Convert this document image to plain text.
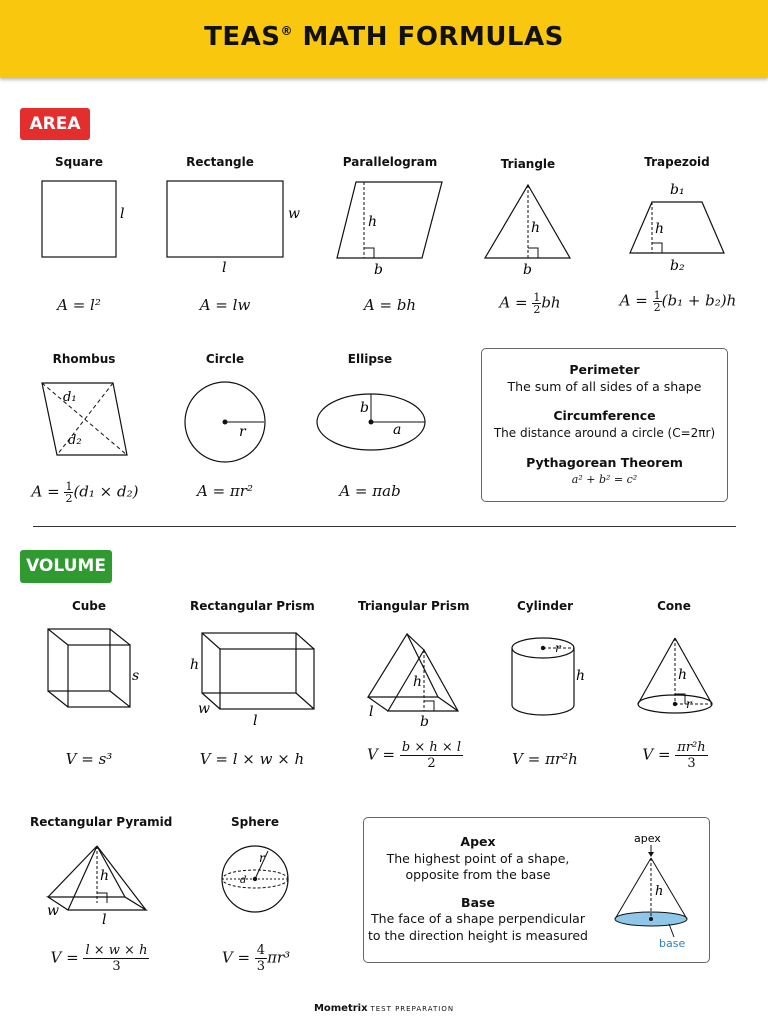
TEAS® MATH FORMULAS
AREA
Square	Rectangle	Parallelogram	Triangle	Trapezoid
l	w
l
h
b
h
b
b₁
h
b₂
d₁
d₂
r
b
a
A = l²	A = lw	A = bh	$A = \frac{1}{2}$ bh	$A = \frac{1}{2} (b_1 + b_2)h$
Rhombus	Circle	Ellipse
$A = \frac{1}{2} (d_1 \times d_2)$	A = πr²	A = πab
Perimeter
The sum of all sides of a shape
Circumference
The distance around a circle (C=2πr)
Pythagorean Theorem
a² + b² = c²
VOLUME
Cube	Rectangular Prism	Triangular Prism	Cylinder	Cone
s
h
w
l
h
l
b
r
h	h
r
h
w
l
r
d
V = s³	V = l × w × h	$V = \frac{b \times h \times l}{2}$	V = πr²h	$V = \frac{\text{πr²h}}{3}$
Rectangular Pyramid	Sphere
$V = \frac{l \times w \times h}{3}$	$V = \frac{4}{3} \pi r^3$
Apex
The highest point of a shape,
opposite from the base
Base
The face of a shape perpendicular
to the direction height is measured
apex
h
base
Mometrix TEST PREPARATION
